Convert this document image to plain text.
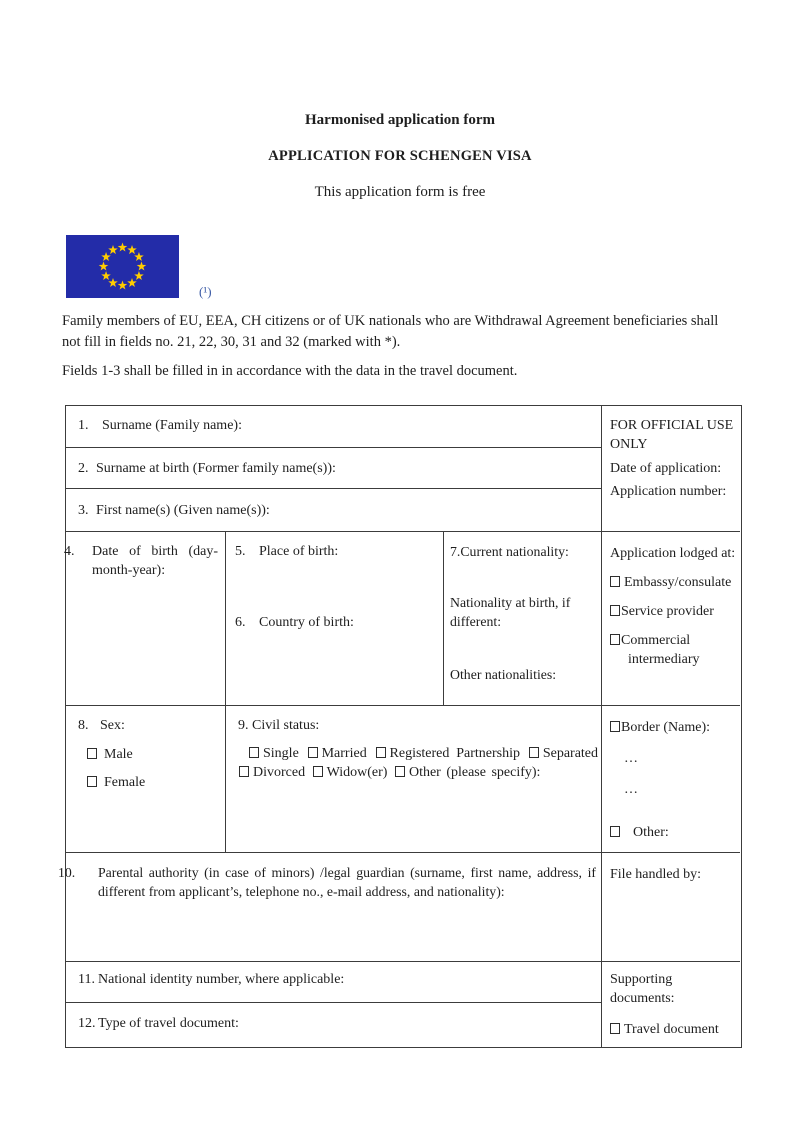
Harmonised application form
APPLICATION FOR SCHENGEN VISA
This application form is free
(¹)

Family members of EU, EEA, CH citizens or of UK nationals who are Withdrawal Agreement beneficiaries shall not fill in fields no. 21, 22, 30, 31 and 32 (marked with *).

Fields 1-3 shall be filled in in accordance with the data in the travel document.

1. Surname (Family name):

2. Surname at birth (Former family name(s)):

3. First name(s) (Given name(s)):

4. Date of birth (day-month-year):

5. Place of birth:

6. Country of birth:

7.Current nationality:

Nationality at birth, if different:

Other nationalities:

8. Sex:

Male

Female

9. Civil status:

Single Married Registered Partnership Separated Divorced Widow(er) Other (please specify):

10. Parental authority (in case of minors) /legal guardian (surname, first name, address, if different from applicant’s, telephone no., e-mail address, and nationality):

11. National identity number, where applicable:

12. Type of travel document:

FOR OFFICIAL USE ONLY

Date of application:

Application number:

Application lodged at:

Embassy/consulate

Service provider

Commercial intermediary

Border (Name):

…

…

Other:

File handled by:

Supporting documents:

Travel document
